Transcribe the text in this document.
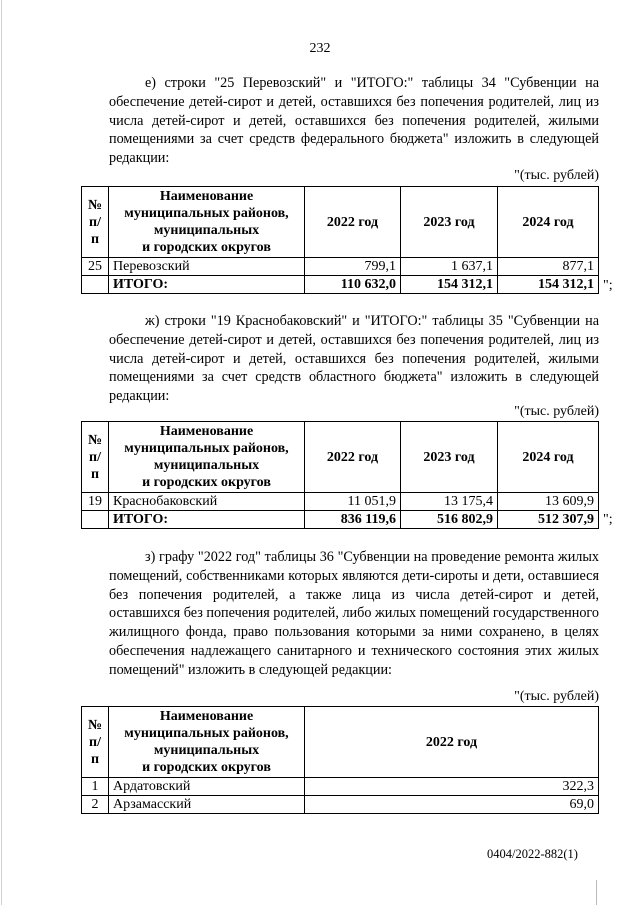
232

е) строки "25 Перевозский" и "ИТОГО:" таблицы 34 "Субвенции на обеспечение детей-сирот и детей, оставшихся без попечения родителей, лиц из числа детей-сирот и детей, оставшихся без попечения родителей, жилыми помещениями за счет средств федерального бюджета" изложить в следующей редакции:

"(тыс. рублей)
№ п/п	Наименование
муниципальных районов,
муниципальных
и городских округов	2022 год	2023 год	2024 год
25	Перевозский	799,1	1 637,1	877,1
	ИТОГО:	110 632,0	154 312,1	154 312,1 ";

ж) строки "19 Краснобаковский" и "ИТОГО:" таблицы 35 "Субвенции на обеспечение детей-сирот и детей, оставшихся без попечения родителей, лиц из числа детей-сирот и детей, оставшихся без попечения родителей, жилыми помещениями за счет средств областного бюджета" изложить в следующей редакции:

"(тыс. рублей)
№ п/п	Наименование
муниципальных районов,
муниципальных
и городских округов	2022 год	2023 год	2024 год
19	Краснобаковский	11 051,9	13 175,4	13 609,9
	ИТОГО:	836 119,6	516 802,9	512 307,9 ";

з) графу "2022 год" таблицы 36 "Субвенции на проведение ремонта жилых помещений, собственниками которых являются дети-сироты и дети, оставшиеся без попечения родителей, а также лица из числа детей-сирот и детей, оставшихся без попечения родителей, либо жилых помещений государственного жилищного фонда, право пользования которыми за ними сохранено, в целях обеспечения надлежащего санитарного и технического состояния этих жилых помещений" изложить в следующей редакции:

"(тыс. рублей)
№ п/п	Наименование
муниципальных районов,
муниципальных
и городских округов	2022 год
1	Ардатовский	322,3
2	Арзамасский	69,0
0404/2022-882(1)
